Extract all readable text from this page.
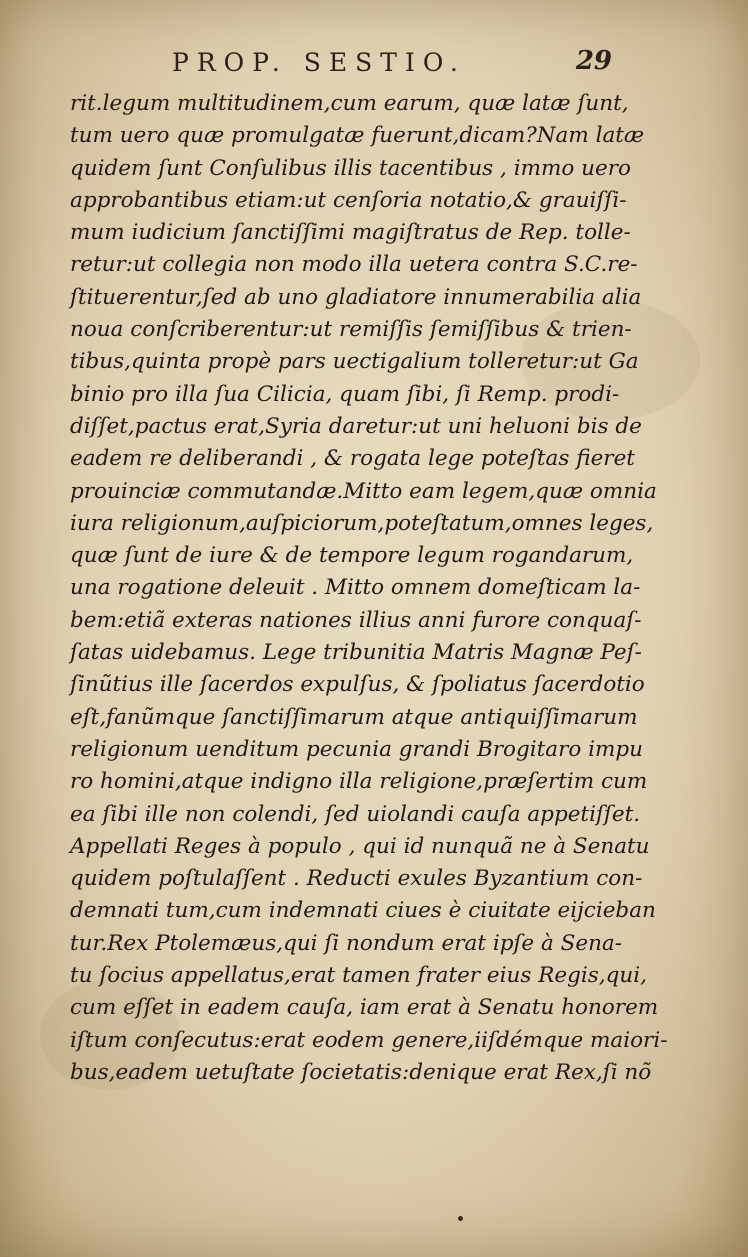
PROP. SESTIO.	29
rit.legum multitudinem,cum earum, quæ latæ ſunt,
tum uero quæ promulgatæ fuerunt,dicam?Nam latæ
quidem ſunt Conſulibus illis tacentibus , immo uero
approbantibus etiam:ut cenſoria notatio,& grauiſſi-
mum iudicium ſanctiſſimi magiſtratus de Rep. tolle-
retur:ut collegia non modo illa uetera contra S.C.re-
ſtituerentur,ſed ab uno gladiatore innumerabilia alia
noua conſcriberentur:ut remiſſis ſemiſſibus & trien-
tibus,quinta propè pars uectigalium tolleretur:ut Ga
binio pro illa ſua Cilicia, quam ſibi, ſi Remp. prodi-
diſſet,pactus erat,Syria daretur:ut uni heluoni bis de
eadem re deliberandi , & rogata lege poteſtas fieret
prouinciæ commutandæ.Mitto eam legem,quæ omnia
iura religionum,auſpiciorum,poteſtatum,omnes leges,
quæ ſunt de iure & de tempore legum rogandarum,
una rogatione deleuit . Mitto omnem domeſticam la-
bem:etiã exteras nationes illius anni furore conquaſ-
ſatas uidebamus. Lege tribunitia Matris Magnæ Peſ-
ſinũtius ille ſacerdos expulſus, & ſpoliatus ſacerdotio
eſt,fanũmque ſanctiſſimarum atque antiquiſſimarum
religionum uenditum pecunia grandi Brogitaro impu
ro homini,atque indigno illa religione,præſertim cum
ea ſibi ille non colendi, ſed uiolandi cauſa appetiſſet.
Appellati Reges à populo , qui id nunquã ne à Senatu
quidem poſtulaſſent . Reducti exules Byzantium con-
demnati tum,cum indemnati ciues è ciuitate eijcieban
tur.Rex Ptolemæus,qui ſi nondum erat ipſe à Sena-
tu ſocius appellatus,erat tamen frater eius Regis,qui,
cum eſſet in eadem cauſa, iam erat à Senatu honorem
iſtum conſecutus:erat eodem genere,iiſdémque maiori-
bus,eadem uetuſtate ſocietatis:denique erat Rex,ſi nõ
